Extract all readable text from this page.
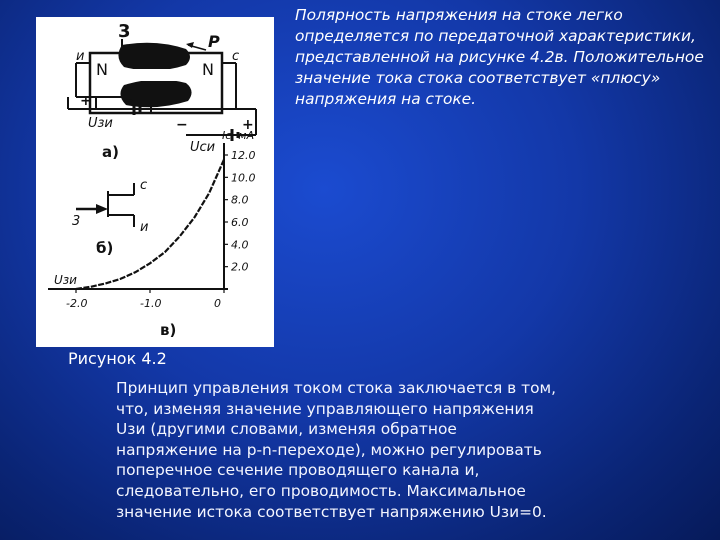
3	P
N	N
и	с
+ −
Uзи	−	+
Uси
а)
с
и
3
б)
12.0
10.0
8.0
6.0
4.0
2.0
-2.0	-1.0	0
Ic, мА
Uзи
в)
Полярность напряжения на стоке легко определяется по передаточной характеристики, представленной на рисунке 4.2в. Положительное значение тока стока соответствует «плюсу» напряжения на стоке.
Рисунок 4.2
Принцип управления током стока заключается в том,
что, изменяя значение управляющего напряжения
Uзи (другими словами, изменяя обратное
напряжение на p-n-переходе), можно регулировать
поперечное сечение проводящего канала и,
следовательно, его проводимость. Максимальное
значение истока соответствует напряжению Uзи=0.
